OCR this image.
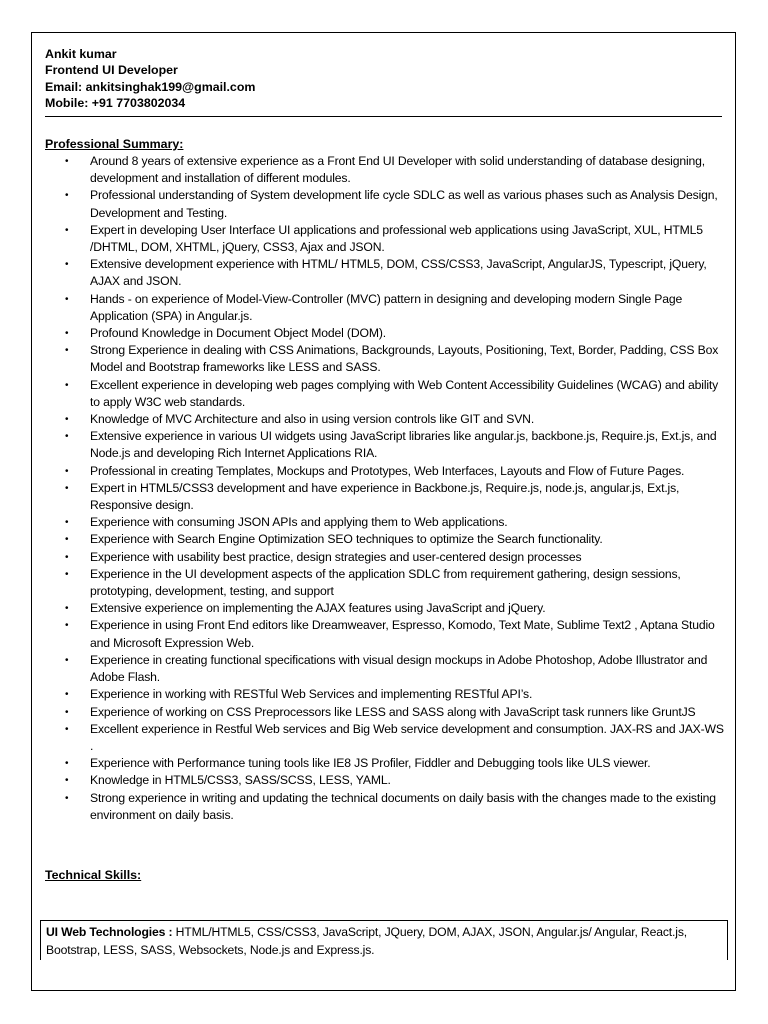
Ankit kumar
Frontend UI Developer
Email: ankitsinghak199@gmail.com
Mobile: +91 7703802034
Professional Summary:
• Around 8 years of extensive experience as a Front End UI Developer with solid understanding of database designing, development and installation of different modules.
• Professional understanding of System development life cycle SDLC as well as various phases such as Analysis Design, Development and Testing.
• Expert in developing User Interface UI applications and professional web applications using JavaScript, XUL, HTML5 /DHTML, DOM, XHTML, jQuery, CSS3, Ajax and JSON.
• Extensive development experience with HTML/ HTML5, DOM, CSS/CSS3, JavaScript, AngularJS, Typescript, jQuery, AJAX and JSON.
• Hands - on experience of Model-View-Controller (MVC) pattern in designing and developing modern Single Page Application (SPA) in Angular.js.
• Profound Knowledge in Document Object Model (DOM).
• Strong Experience in dealing with CSS Animations, Backgrounds, Layouts, Positioning, Text, Border, Padding, CSS Box Model and Bootstrap frameworks like LESS and SASS.
• Excellent experience in developing web pages complying with Web Content Accessibility Guidelines (WCAG) and ability to apply W3C web standards.
• Knowledge of MVC Architecture and also in using version controls like GIT and SVN.
• Extensive experience in various UI widgets using JavaScript libraries like angular.js, backbone.js, Require.js, Ext.js, and Node.js and developing Rich Internet Applications RIA.
• Professional in creating Templates, Mockups and Prototypes, Web Interfaces, Layouts and Flow of Future Pages.
• Expert in HTML5/CSS3 development and have experience in Backbone.js, Require.js, node.js, angular.js, Ext.js, Responsive design.
• Experience with consuming JSON APIs and applying them to Web applications.
• Experience with Search Engine Optimization SEO techniques to optimize the Search functionality.
• Experience with usability best practice, design strategies and user-centered design processes
• Experience in the UI development aspects of the application SDLC from requirement gathering, design sessions, prototyping, development, testing, and support
• Extensive experience on implementing the AJAX features using JavaScript and jQuery.
• Experience in using Front End editors like Dreamweaver, Espresso, Komodo, Text Mate, Sublime Text2 , Aptana Studio and Microsoft Expression Web.
• Experience in creating functional specifications with visual design mockups in Adobe Photoshop, Adobe Illustrator and Adobe Flash.
• Experience in working with RESTful Web Services and implementing RESTful API’s.
• Experience of working on CSS Preprocessors like LESS and SASS along with JavaScript task runners like GruntJS
• Excellent experience in Restful Web services and Big Web service development and consumption. JAX-RS and JAX-WS .
• Experience with Performance tuning tools like IE8 JS Profiler, Fiddler and Debugging tools like ULS viewer.
• Knowledge in HTML5/CSS3, SASS/SCSS, LESS, YAML.
• Strong experience in writing and updating the technical documents on daily basis with the changes made to the existing environment on daily basis.
Technical Skills:
UI Web Technologies : HTML/HTML5, CSS/CSS3, JavaScript, JQuery, DOM, AJAX, JSON, Angular.js/ Angular, React.js, Bootstrap, LESS, SASS, Websockets, Node.js and Express.js.
